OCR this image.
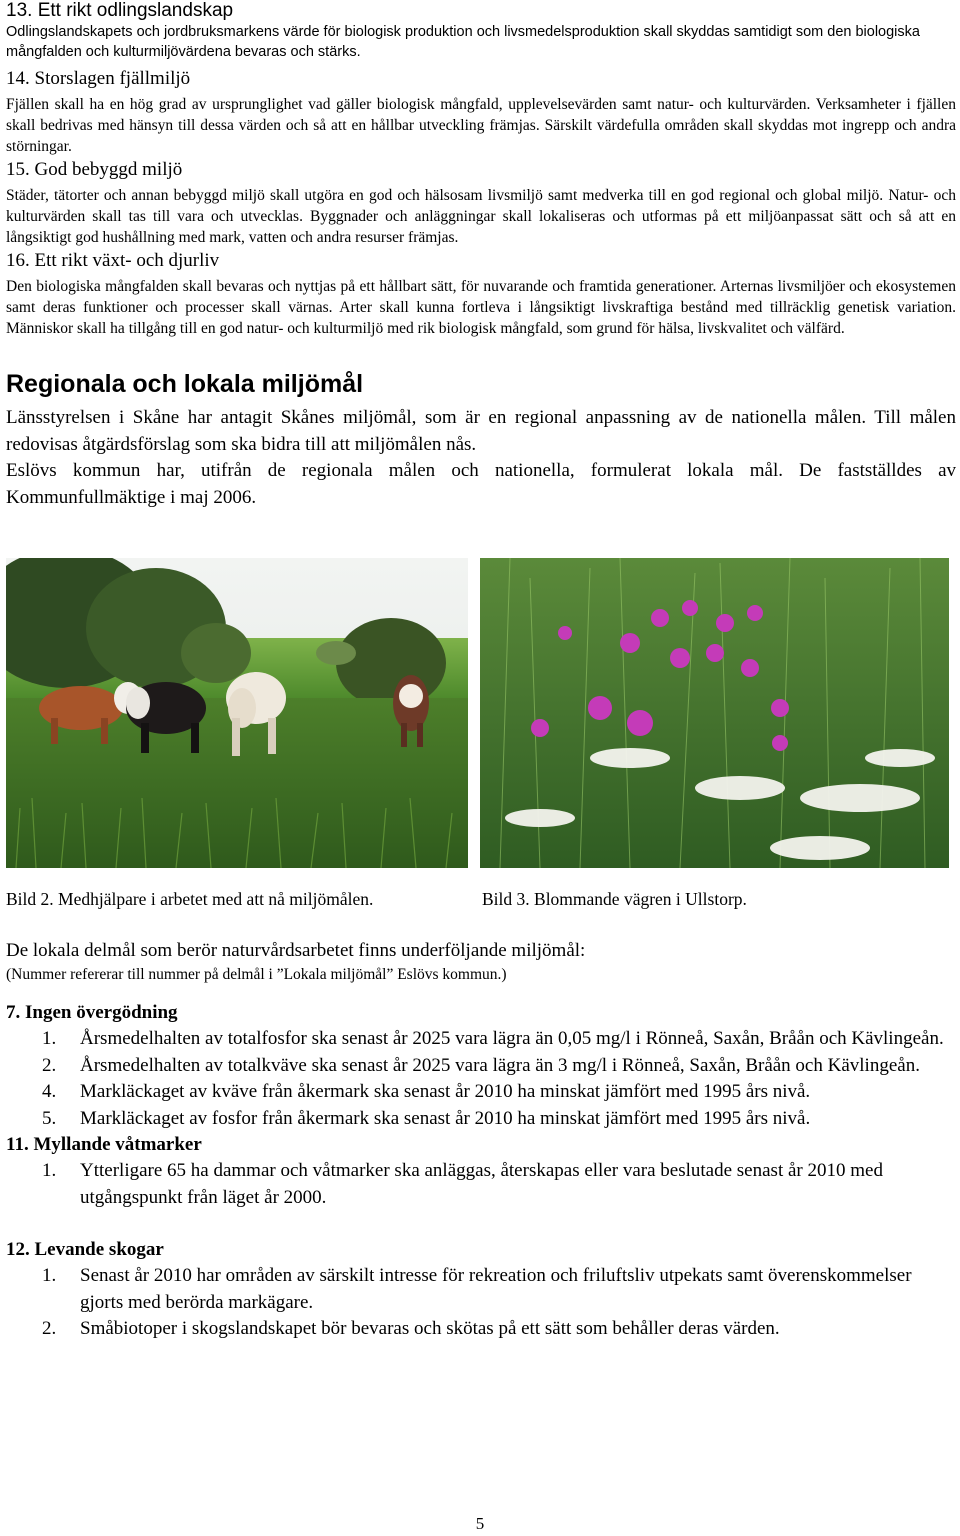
13. Ett rikt odlingslandskap

Odlingslandskapets och jordbruksmarkens värde för biologisk produktion och livsmedelsproduktion skall skyddas samtidigt som den biologiska mångfalden och kulturmiljövärdena bevaras och stärks.

14. Storslagen fjällmiljö

Fjällen skall ha en hög grad av ursprunglighet vad gäller biologisk mångfald, upplevelsevärden samt natur- och kulturvärden. Verksamheter i fjällen skall bedrivas med hänsyn till dessa värden och så att en hållbar utveckling främjas. Särskilt värdefulla områden skall skyddas mot ingrepp och andra störningar.

15. God bebyggd miljö

Städer, tätorter och annan bebyggd miljö skall utgöra en god och hälsosam livsmiljö samt medverka till en god regional och global miljö. Natur- och kulturvärden skall tas till vara och utvecklas. Byggnader och anläggningar skall lokaliseras och utformas på ett miljöanpassat sätt och så att en långsiktigt god hushållning med mark, vatten och andra resurser främjas.

16. Ett rikt växt- och djurliv

Den biologiska mångfalden skall bevaras och nyttjas på ett hållbart sätt, för nuvarande och framtida generationer. Arternas livsmiljöer och ekosystemen samt deras funktioner och processer skall värnas. Arter skall kunna fortleva i långsiktigt livskraftiga bestånd med tillräcklig genetisk variation. Människor skall ha tillgång till en god natur- och kulturmiljö med rik biologisk mångfald, som grund för hälsa, livskvalitet och välfärd.

Regionala och lokala miljömål

Länsstyrelsen i Skåne har antagit Skånes miljömål, som är en regional anpassning av de nationella målen. Till målen redovisas åtgärdsförslag som ska bidra till att miljömålen nås.

Eslövs kommun har, utifrån de regionala målen och nationella, formulerat lokala mål. De fastställdes av Kommunfullmäktige i maj 2006.

Bild 2. Medhjälpare i arbetet med att nå miljömålen.	Bild 3. Blommande vägren i Ullstorp.

De lokala delmål som berör naturvårdsarbetet finns underföljande miljömål:

(Nummer refererar till nummer på delmål i ”Lokala miljömål” Eslövs kommun.)

7. Ingen övergödning

1. Årsmedelhalten av totalfosfor ska senast år 2025 vara lägra än 0,05 mg/l i Rönneå, Saxån, Bråån och Kävlingeån.
2. Årsmedelhalten av totalkväve ska senast år 2025 vara lägra än 3 mg/l i Rönneå, Saxån, Bråån och Kävlingeån.
4. Markläckaget av kväve från åkermark ska senast år 2010 ha minskat jämfört med 1995 års nivå.
5. Markläckaget av fosfor från åkermark ska senast år 2010 ha minskat jämfört med 1995 års nivå.

11. Myllande våtmarker

1. Ytterligare 65 ha dammar och våtmarker ska anläggas, återskapas eller vara beslutade senast år 2010 med utgångspunkt från läget år 2000.

12. Levande skogar

1. Senast år 2010 har områden av särskilt intresse för rekreation och friluftsliv utpekats samt överenskommelser gjorts med berörda markägare.
2. Småbiotoper i skogslandskapet bör bevaras och skötas på ett sätt som behåller deras värden.
5
